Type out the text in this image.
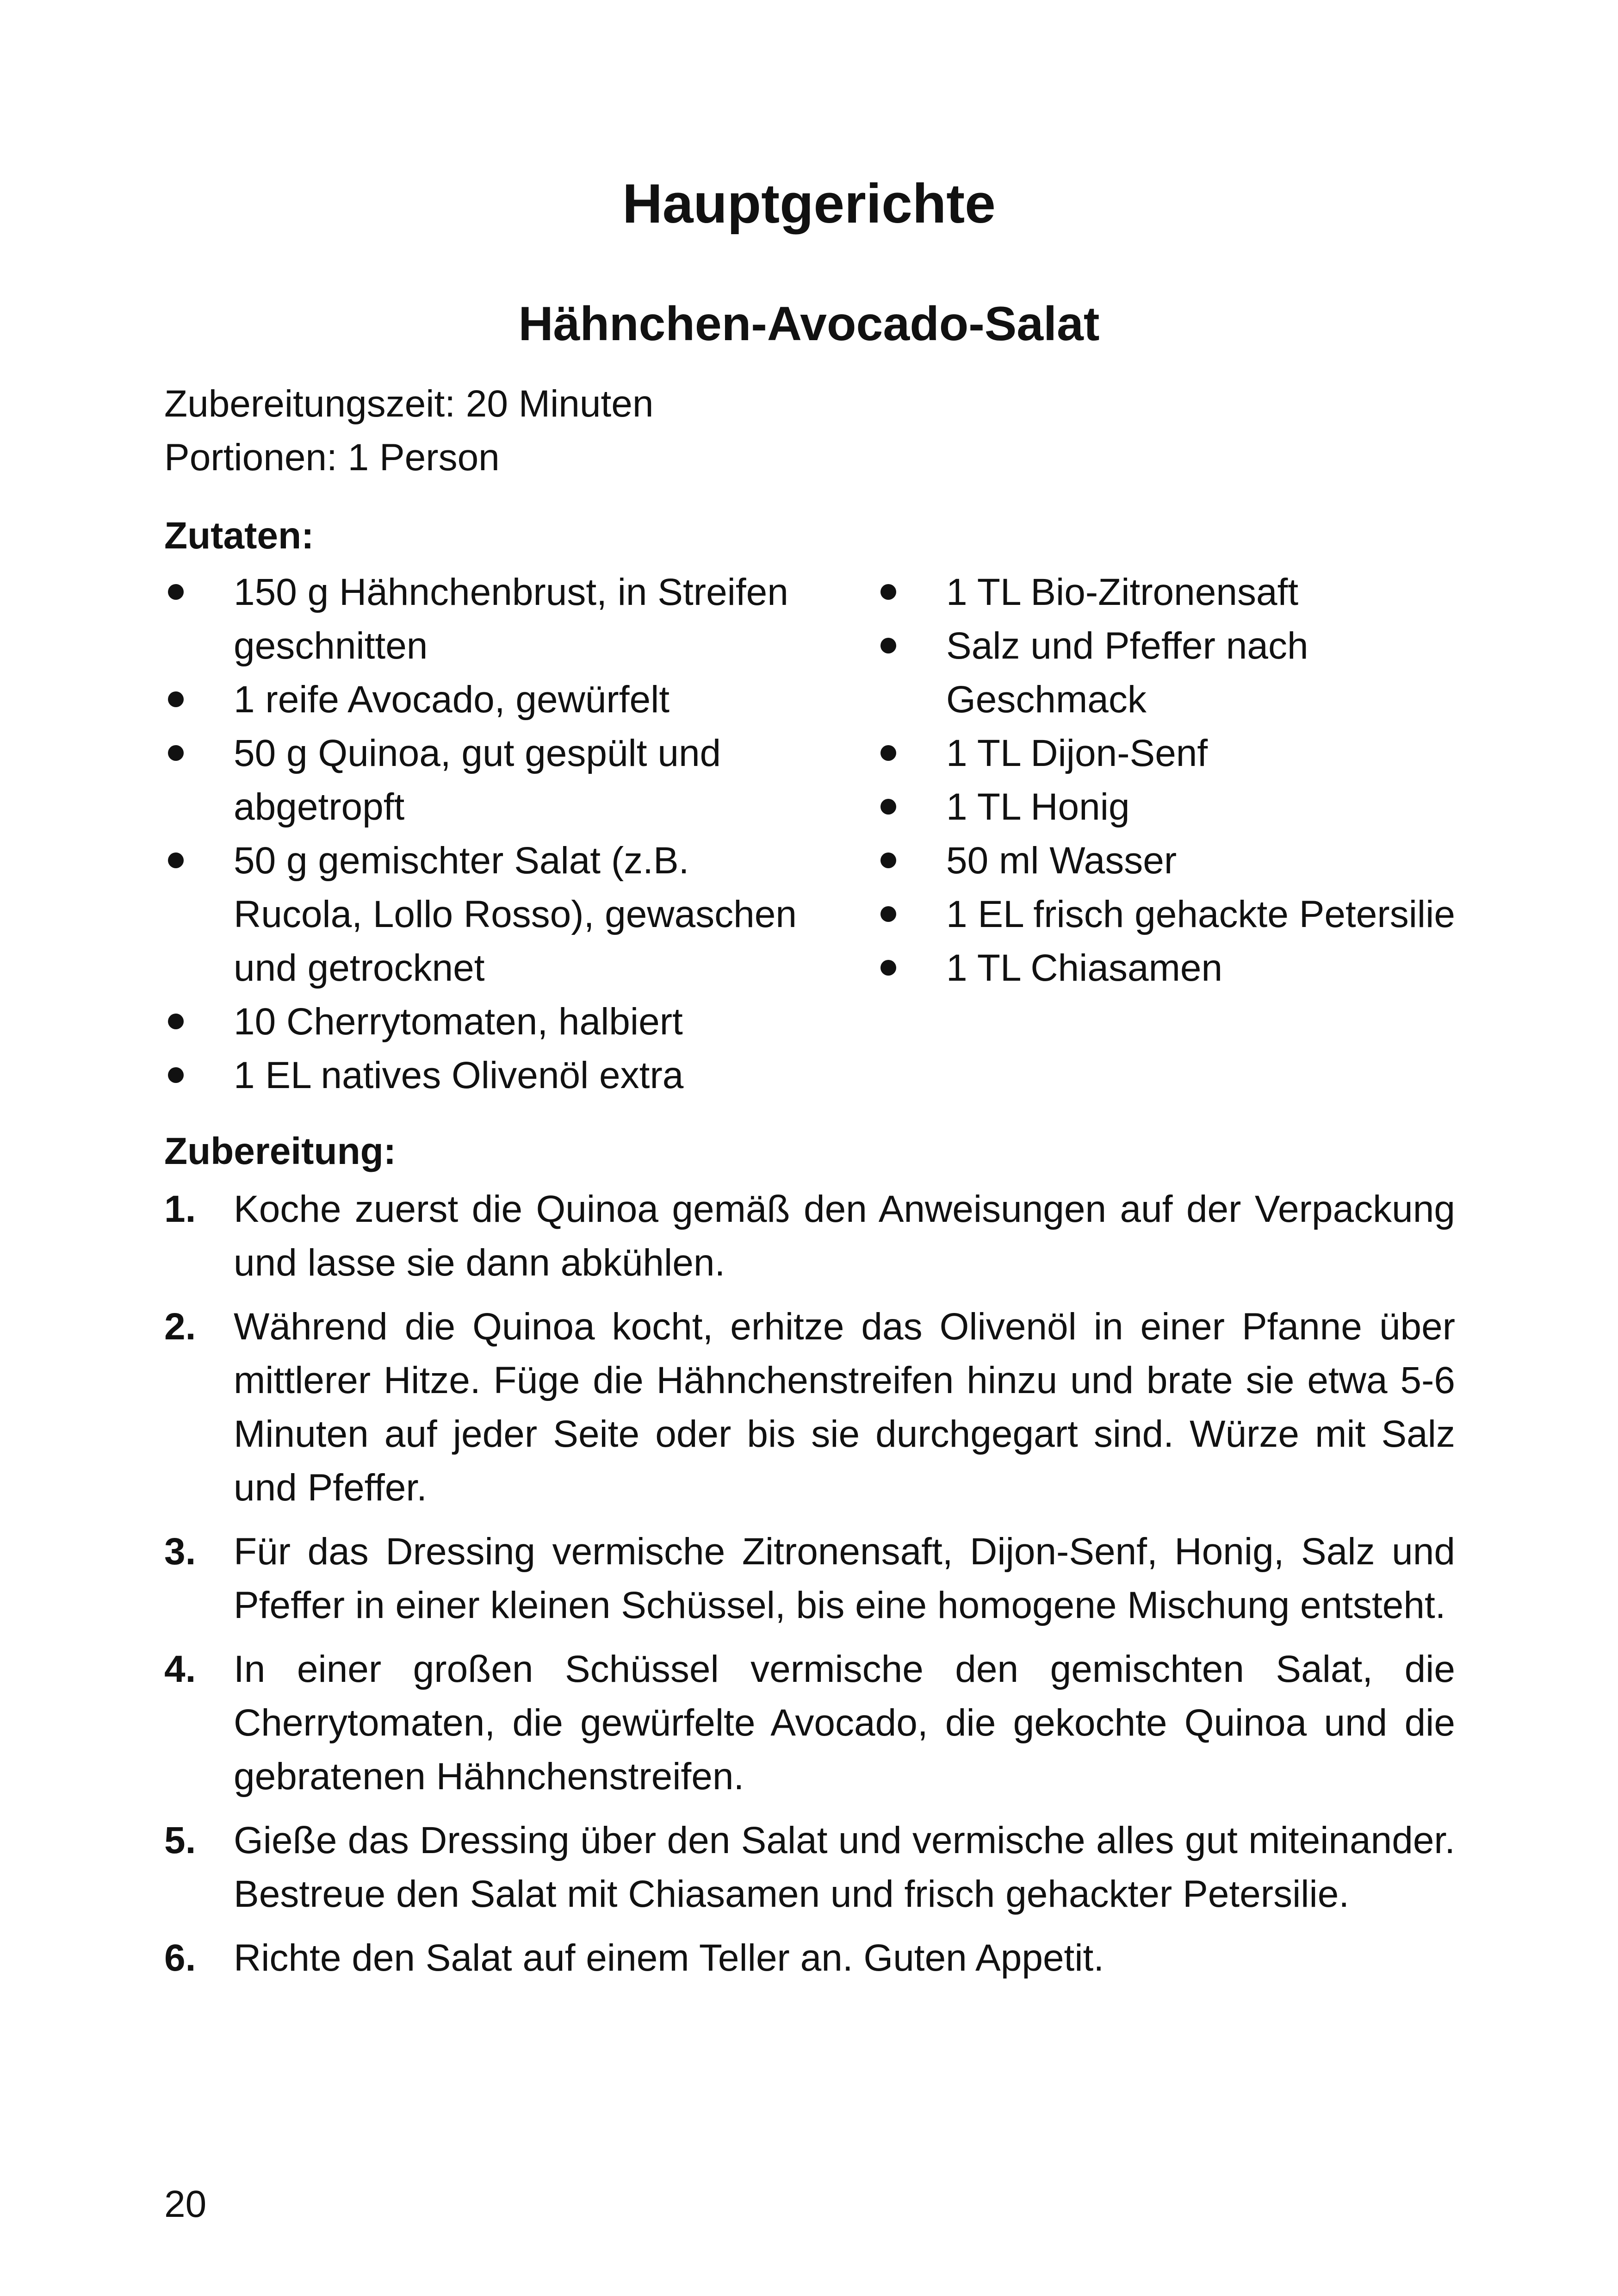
Hauptgerichte
Hähnchen-Avocado-Salat
Zubereitungszeit: 20 Minuten
Portionen: 1 Person
Zutaten:
150 g Hähnchenbrust, in Streifen geschnitten
1 reife Avocado, gewürfelt
50 g Quinoa, gut gespült und abgetropft
50 g gemischter Salat (z.B. Rucola, Lollo Rosso), gewaschen und getrocknet
10 Cherrytomaten, halbiert
1 EL natives Olivenöl extra
1 TL Bio-Zitronensaft
Salz und Pfeffer nach Geschmack
1 TL Dijon-Senf
1 TL Honig
50 ml Wasser
1 EL frisch gehackte Petersilie
1 TL Chiasamen
Zubereitung:
1. Koche zuerst die Quinoa gemäß den Anweisungen auf der Verpackung und lasse sie dann abkühlen.
2. Während die Quinoa kocht, erhitze das Olivenöl in einer Pfanne über mittlerer Hitze. Füge die Hähnchenstreifen hinzu und brate sie etwa 5-6 Minuten auf jeder Seite oder bis sie durchgegart sind. Würze mit Salz und Pfeffer.
3. Für das Dressing vermische Zitronensaft, Dijon-Senf, Honig, Salz und Pfeffer in einer kleinen Schüssel, bis eine homogene Mischung entsteht.
4. In einer großen Schüssel vermische den gemischten Salat, die Cherrytomaten, die gewürfelte Avocado, die gekochte Quinoa und die gebratenen Hähnchenstreifen.
5. Gieße das Dressing über den Salat und vermische alles gut miteinander. Bestreue den Salat mit Chiasamen und frisch gehackter Petersilie.
6. Richte den Salat auf einem Teller an. Guten Appetit.
20
